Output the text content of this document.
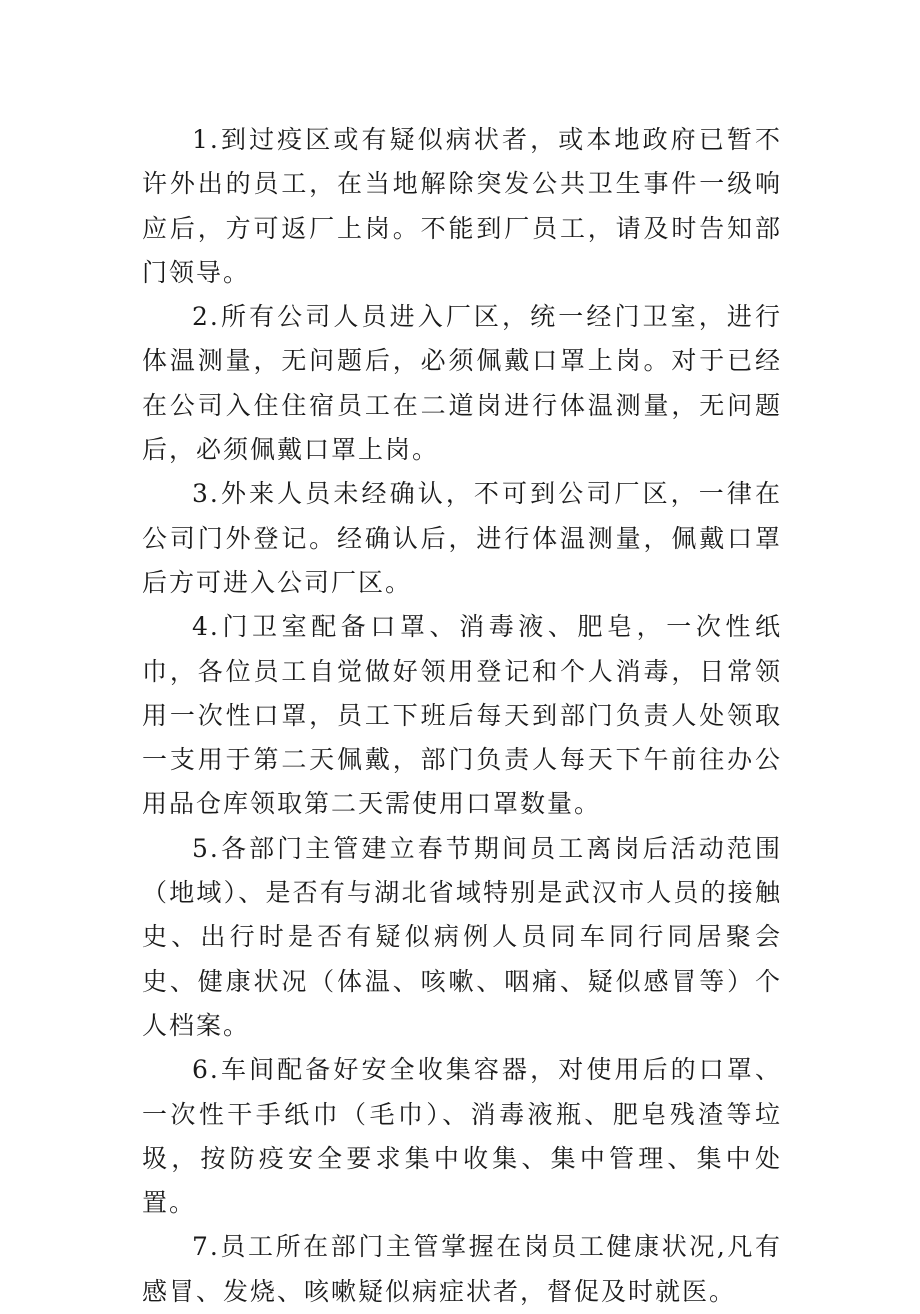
1.到过疫区或有疑似病状者，或本地政府已暂不许外出的员工，在当地解除突发公共卫生事件一级响应后，方可返厂上岗。不能到厂员工，请及时告知部门领导。

2.所有公司人员进入厂区，统一经门卫室，进行体温测量，无问题后，必须佩戴口罩上岗。对于已经在公司入住住宿员工在二道岗进行体温测量，无问题后，必须佩戴口罩上岗。

3.外来人员未经确认，不可到公司厂区，一律在公司门外登记。经确认后，进行体温测量，佩戴口罩后方可进入公司厂区。

4.门卫室配备口罩、消毒液、肥皂，一次性纸巾，各位员工自觉做好领用登记和个人消毒，日常领用一次性口罩，员工下班后每天到部门负责人处领取一支用于第二天佩戴，部门负责人每天下午前往办公用品仓库领取第二天需使用口罩数量。

5.各部门主管建立春节期间员工离岗后活动范围（地域）、是否有与湖北省域特别是武汉市人员的接触史、出行时是否有疑似病例人员同车同行同居聚会史、健康状况（体温、咳嗽、咽痛、疑似感冒等）个人档案。

6.车间配备好安全收集容器，对使用后的口罩、一次性干手纸巾（毛巾）、消毒液瓶、肥皂残渣等垃圾，按防疫安全要求集中收集、集中管理、集中处置。

7.员工所在部门主管掌握在岗员工健康状况,凡有感冒、发烧、咳嗽疑似病症状者，督促及时就医。
